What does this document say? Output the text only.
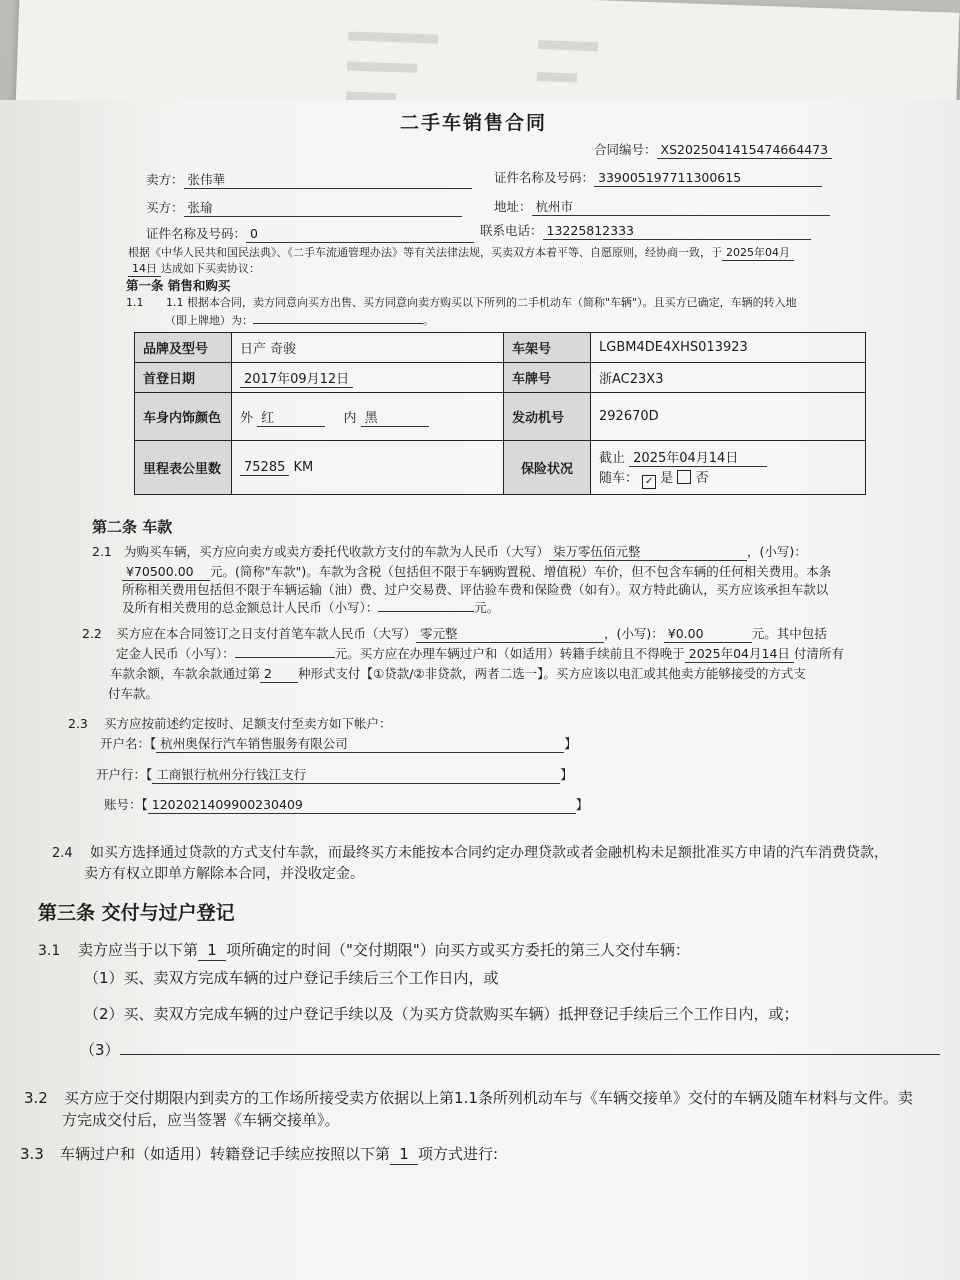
二手车销售合同
合同编号： XS2025041415474664473
卖方： 张伟華	证件名称及号码： 339005197711300615
买方： 张瑜	地址： 杭州市
证件名称及号码： 0	联系电话： 13225812333
根据《中华人民共和国民法典》、《二手车流通管理办法》等有关法律法规，买卖双方本着平等、自愿原则，经协商一致，于 2025年04月
14日 达成如下买卖协议：
第一条 销售和购买
1.1 1.1 根据本合同，卖方同意向买方出售、买方同意向卖方购买以下所列的二手机动车（简称"车辆"）。且买方已确定，车辆的转入地
（即上牌地）为：	。
品牌及型号	日产 奇骏	车架号	LGBM4DE4XHS013923
首登日期	2017年09月12日	车牌号	浙AC23X3
车身内饰颜色	外 红 内 黑	发动机号	292670D
里程表公里数	75285 KM	保险状况	截止 2025年04月14日
随车： ✓ 是 否
第二条 车款
2.1 为购买车辆，买方应向卖方或卖方委托代收款方支付的车款为人民币（大写） 柒万零伍佰元整	，(小写)：
¥70500.00 元。(简称"车款")。车款为含税（包括但不限于车辆购置税、增值税）车价，但不包含车辆的任何相关费用。本条
所称相关费用包括但不限于车辆运输（油）费、过户交易费、评估验车费和保险费（如有）。双方特此确认，买方应该承担车款以
及所有相关费用的总金额总计人民币（小写）：	元。
2.2 买方应在本合同签订之日支付首笔车款人民币（大写） 零元整	，(小写)： ¥0.00	元。其中包括
定金人民币（小写）：	元。买方应在办理车辆过户和（如适用）转籍手续前且不得晚于 2025年04月14日 付清所有
车款余额，车款余款通过第 2 种形式支付【①贷款/②非贷款，两者二选一】。买方应该以电汇或其他卖方能够接受的方式支
付车款。
2.3 买方应按前述约定按时、足额支付至卖方如下帐户：
开户名：【 杭州奥保行汽车销售服务有限公司	】
开户行：【 工商银行杭州分行钱江支行	】
账号：【 1202021409900230409	】
2.4 如买方选择通过贷款的方式支付车款，而最终买方未能按本合同约定办理贷款或者金融机构未足额批准买方申请的汽车消费贷款，
卖方有权立即单方解除本合同，并没收定金。
第三条 交付与过户登记
3.1 卖方应当于以下第 1 项所确定的时间（"交付期限"）向买方或买方委托的第三人交付车辆：
（1）买、卖双方完成车辆的过户登记手续后三个工作日内，或
（2）买、卖双方完成车辆的过户登记手续以及（为买方贷款购买车辆）抵押登记手续后三个工作日内，或；
（3）
3.2 买方应于交付期限内到卖方的工作场所接受卖方依据以上第1.1条所列机动车与《车辆交接单》交付的车辆及随车材料与文件。卖
方完成交付后，应当签署《车辆交接单》。
3.3 车辆过户和（如适用）转籍登记手续应按照以下第 1 项方式进行:
